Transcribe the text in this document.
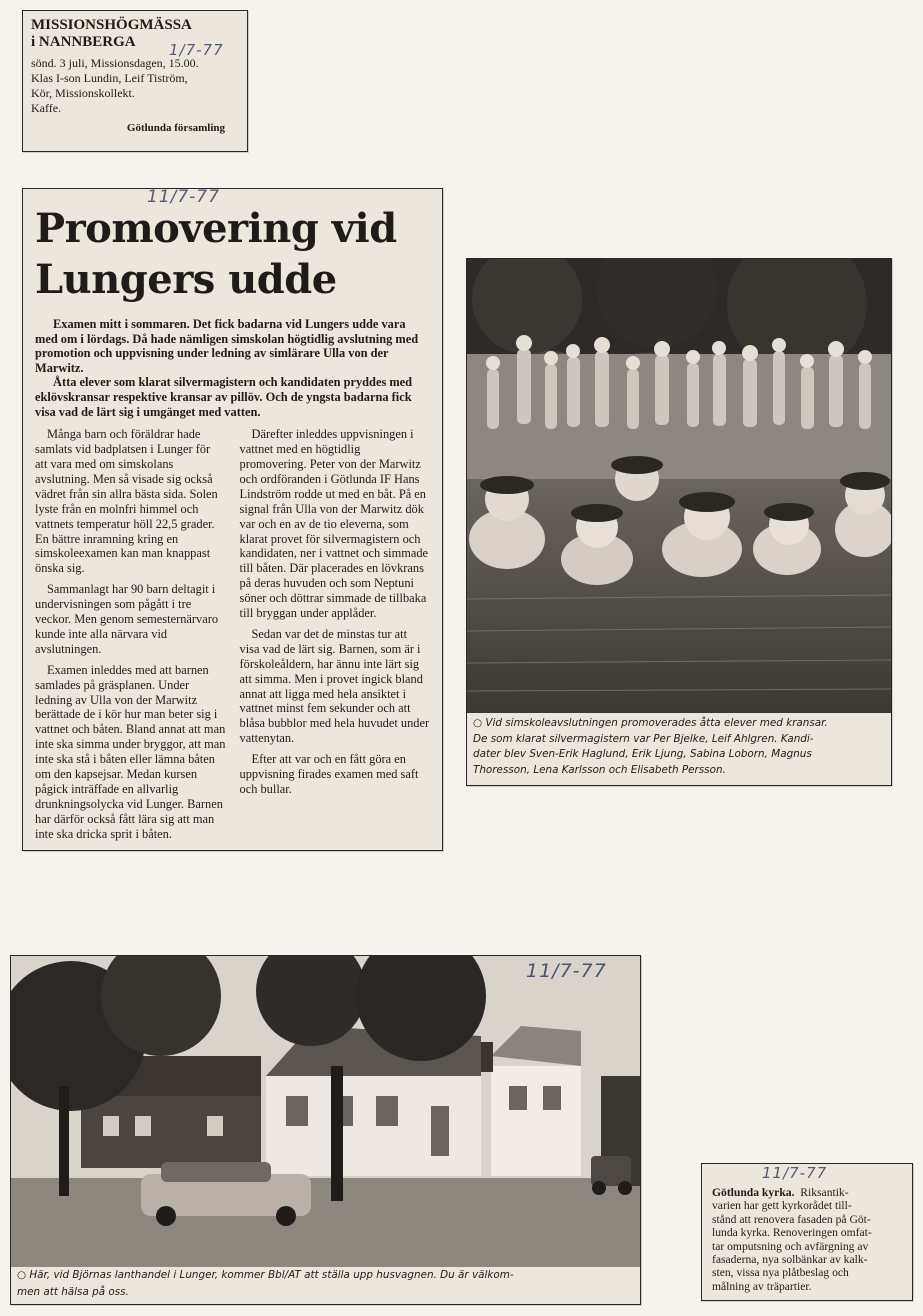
MISSIONSHÖGMÄSSA
i NANNBERGA	1/7-77
sönd. 3 juli, Missionsdagen, 15.00.
Klas I-son Lundin, Leif Tiströ​m,
Kör, Missionskollekt.
Kaffe.
Götlunda församling
11/7-77
Promovering vid Lungers udde

Examen mitt i sommaren. Det fick badarna vid Lungers udde vara med om i lördags. Då hade nämligen simskolan högtidlig avslutning med promotion och uppvisning under ledning av simlärare Ulla von der Marwitz.

Åtta elever som klarat silvermagistern och kandidaten pryddes med eklövskransar respektive kransar av pillöv. Och de yngsta badarna fick visa vad de lärt sig i umgänget med vatten.

Många barn och föräldrar hade samlats vid badplatsen i Lunger för att vara med om simskolans avslutning. Men så visade sig också vädret från sin allra bästa sida. Solen lyste från en molnfri himmel och vattnets temperatur höll 22,5 grader. En bättre inramning kring en simskoleexamen kan man knappast önska sig.

Sammanlagt har 90 barn deltagit i undervisningen som pågått i tre veckor. Men genom semesternärvaro kunde inte alla närvara vid avslutningen.

Examen inleddes med att barnen samlades på gräsplanen. Under ledning av Ulla von der Marwitz berättade de i kör hur man beter sig i vattnet och båten. Bland annat att man inte ska simma under bryggor, att man inte ska stå i båten eller lämna båten om den kapsejsar. Medan kursen pågick inträffade en allvarlig drunkningsolycka vid Lunger. Barnen har därför också fått lära sig att man inte ska dricka sprit i båten.

Därefter inleddes uppvisningen i vattnet med en högtidlig promovering. Peter von der Marwitz och ordföranden i Götlunda IF Hans Lindström rodde ut med en båt. På en signal från Ulla von der Marwitz dök var och en av de tio eleverna, som klarat provet för silvermagistern och kandidaten, ner i vattnet och simmade till båten. Där placerades en lövkrans på deras huvuden och som Neptuni söner och döttrar simmade de tillbaka till bryggan under applåder.

Sedan var det de minstas tur att visa vad de lärt sig. Barnen, som är i förskoleåldern, har ännu inte lärt sig att simma. Men i provet ingick bland annat att ligga med hela ansiktet i vattnet minst fem sekunder och att blåsa bubblor med hela huvudet under vattenytan.

Efter att var och en fått göra en uppvisning firades examen med saft och bullar.

○ Vid simskoleavslutningen promoverades åtta elever med kransar.
De som klarat silvermagistern var Per Bjelke, Leif Ahlgren. Kandi-
dater blev Sven-Erik Haglund, Erik Ljung, Sabina Loborn, Magnus
Thoresson, Lena Karlsson och Elisabeth Persson.
11/7-77
○ Här, vid Björnas lanthandel i Lunger, kommer Bbl/AT att ställa upp husvagnen. Du är välkom-
men att hälsa på oss.
11/7-77
Götlunda kyrka. Riksantik-
varien har gett kyrkorådet till-
stånd att renovera fasaden på Göt-
lunda kyrka. Renoveringen omfat-
tar omputsning och avfärgning av
fasaderna, nya solbänkar av kalk-
sten, vissa nya plåtbeslag och
målning av träpartier.
